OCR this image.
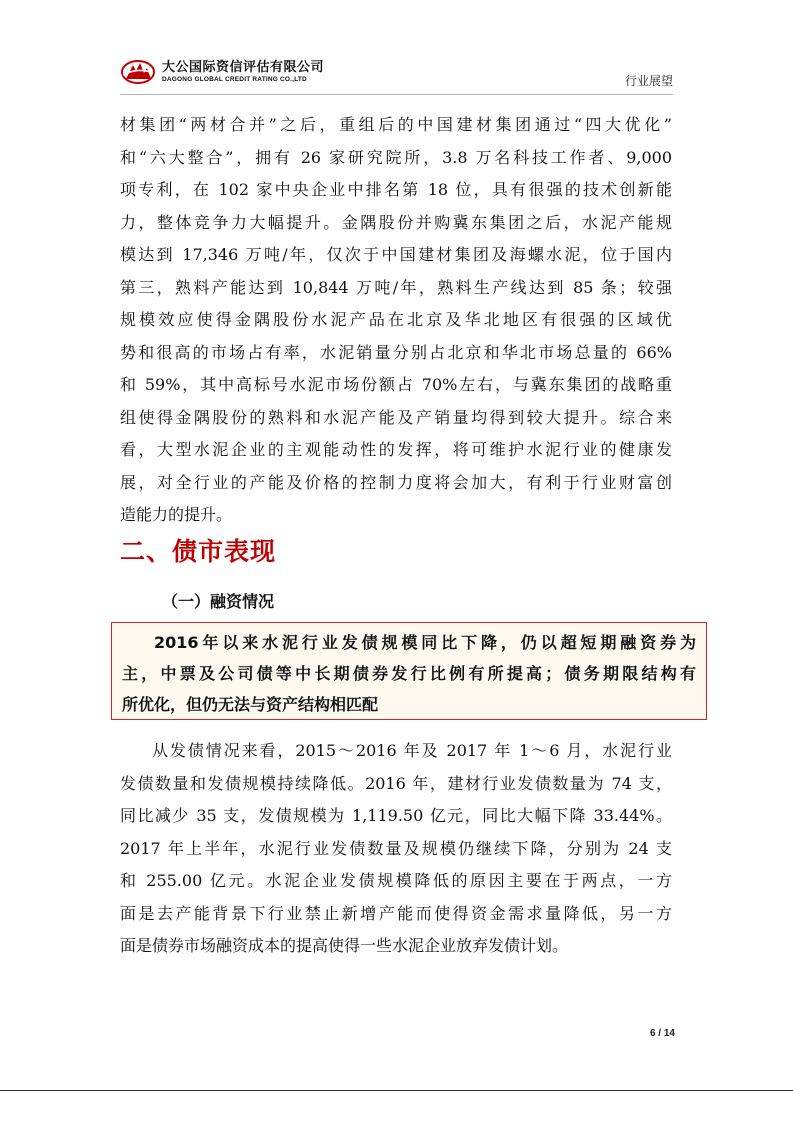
大公国际资信评估有限公司
DAGONG GLOBAL CREDIT RATING CO.,LTD	行业展望
材集团“两材合并”之后，重组后的中国建材集团通过“四大优化”
和“六大整合”，拥有 26 家研究院所，3.8 万名科技工作者、9,000
项专利，在 102 家中央企业中排名第 18 位，具有很强的技术创新能
力，整体竞争力大幅提升。金隅股份并购冀东集团之后，水泥产能规
模达到 17,346 万吨/年，仅次于中国建材集团及海螺水泥，位于国内
第三，熟料产能达到 10,844 万吨/年，熟料生产线达到 85 条；较强
规模效应使得金隅股份水泥产品在北京及华北地区有很强的区域优
势和很高的市场占有率，水泥销量分别占北京和华北市场总量的 66%
和 59%，其中高标号水泥市场份额占 70%左右，与冀东集团的战略重
组使得金隅股份的熟料和水泥产能及产销量均得到较大提升。综合来
看，大型水泥企业的主观能动性的发挥，将可维护水泥行业的健康发
展，对全行业的产能及价格的控制力度将会加大，有利于行业财富创
造能力的提升。
二、债市表现
（一）融资情况
2016年以来水泥行业发债规模同比下降，仍以超短期融资券为
主，中票及公司债等中长期债券发行比例有所提高；债务期限结构有
所优化，但仍无法与资产结构相匹配
从发债情况来看，2015～2016 年及 2017 年 1～6 月，水泥行业
发债数量和发债规模持续降低。2016 年，建材行业发债数量为 74 支，
同比减少 35 支，发债规模为 1,119.50 亿元，同比大幅下降 33.44%。
2017 年上半年，水泥行业发债数量及规模仍继续下降，分别为 24 支
和 255.00 亿元。水泥企业发债规模降低的原因主要在于两点，一方
面是去产能背景下行业禁止新增产能而使得资金需求量降低，另一方
面是债券市场融资成本的提高使得一些水泥企业放弃发债计划。
6 / 14
